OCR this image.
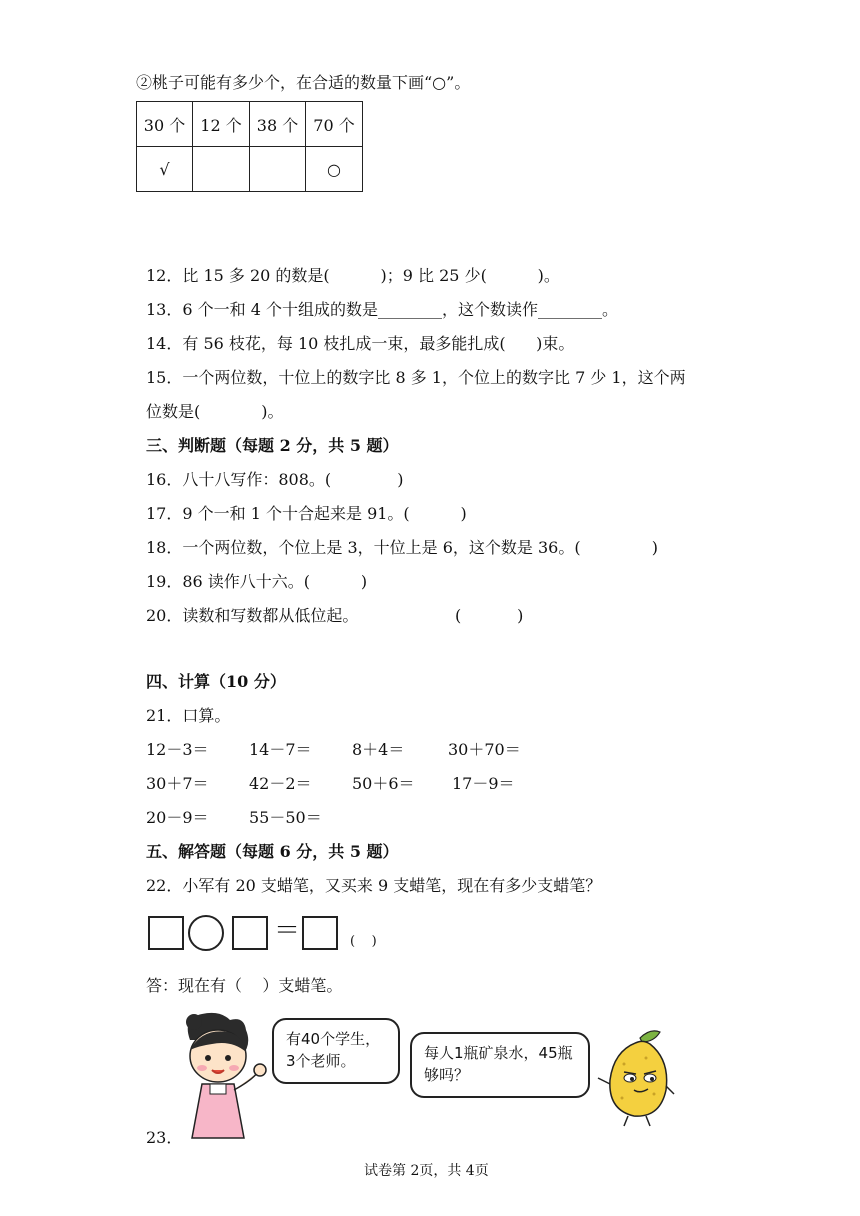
②桃子可能有多少个，在合适的数量下画“○”。
30 个	12 个	38 个	70 个
√			○
12．比 15 多 20 的数是(          )；9 比 25 少(          )。
13．6 个一和 4 个十组成的数是________，这个数读作________。
14．有 56 枝花，每 10 枝扎成一束，最多能扎成(      )束。
15．一个两位数，十位上的数字比 8 多 1，个位上的数字比 7 少 1，这个两
位数是(            )。
三、判断题（每题 2 分，共 5 题）
16．八十八写作：808。(             )
17．9 个一和 1 个十合起来是 91。(          )
18．一个两位数，个位上是 3，十位上是 6，这个数是 36。(              )
19．86 读作八十六。(          )
20．读数和写数都从低位起。                   (           )
四、计算（10 分）
21．口算。
12－3＝	14－7＝	8＋4＝	30＋70＝
30＋7＝	42－2＝	50＋6＝ 17－9＝
20－9＝	55－50＝
五、解答题（每题 6 分，共 5 题）
22．小军有 20 支蜡笔，又买来 9 支蜡笔，现在有多少支蜡笔？
＝	(    )
答：现在有（    ）支蜡笔。
有40个学生，3个老师。	每人1瓶矿泉水，45瓶够吗？
23．
试卷第 2页，共 4页
